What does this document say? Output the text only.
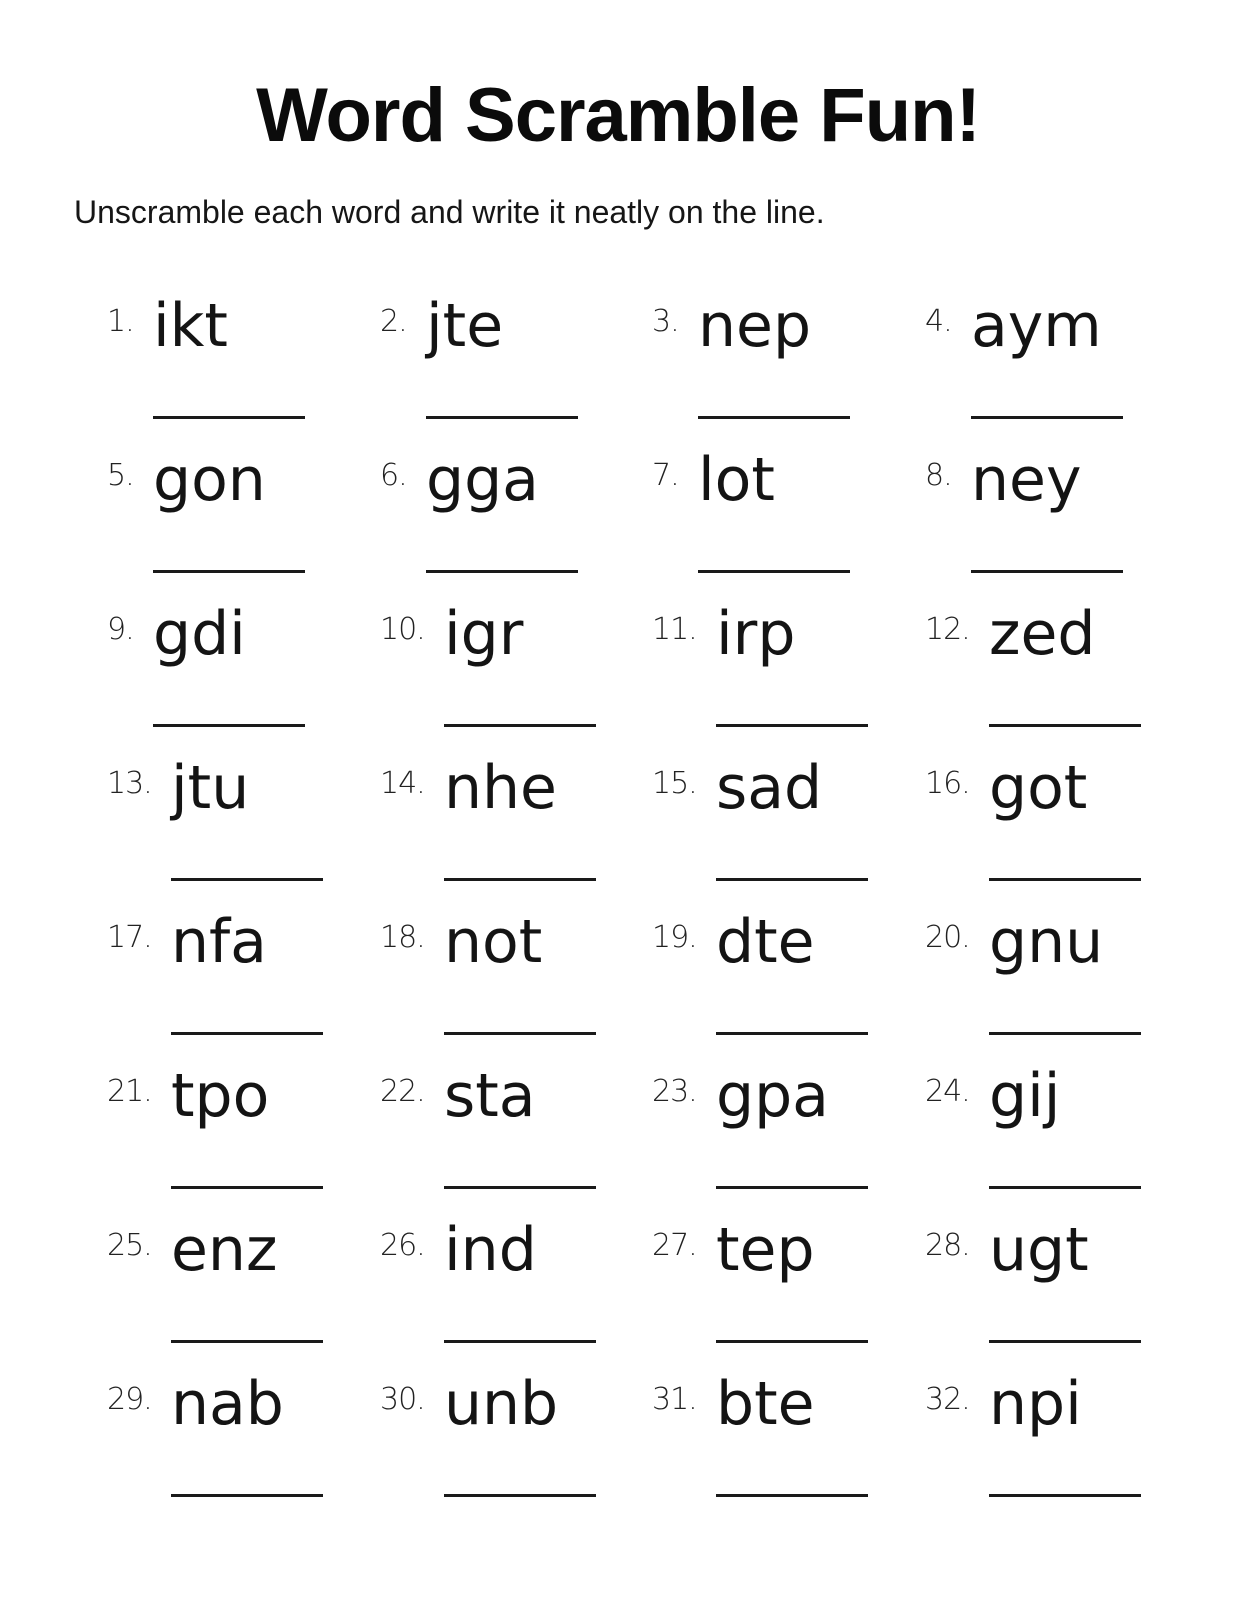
Word Scramble Fun!
Unscramble each word and write it neatly on the line.
1. ikt	2. jte	3. nep	4. aym
5. gon	6. gga	7. lot	8. ney
9. gdi	10. igr	11. irp	12. zed
13. jtu	14. nhe	15. sad	16. got
17. nfa	18. not	19. dte	20. gnu
21. tpo	22. sta	23. gpa	24. gij
25. enz	26. ind	27. tep	28. ugt
29. nab	30. unb	31. bte	32. npi
